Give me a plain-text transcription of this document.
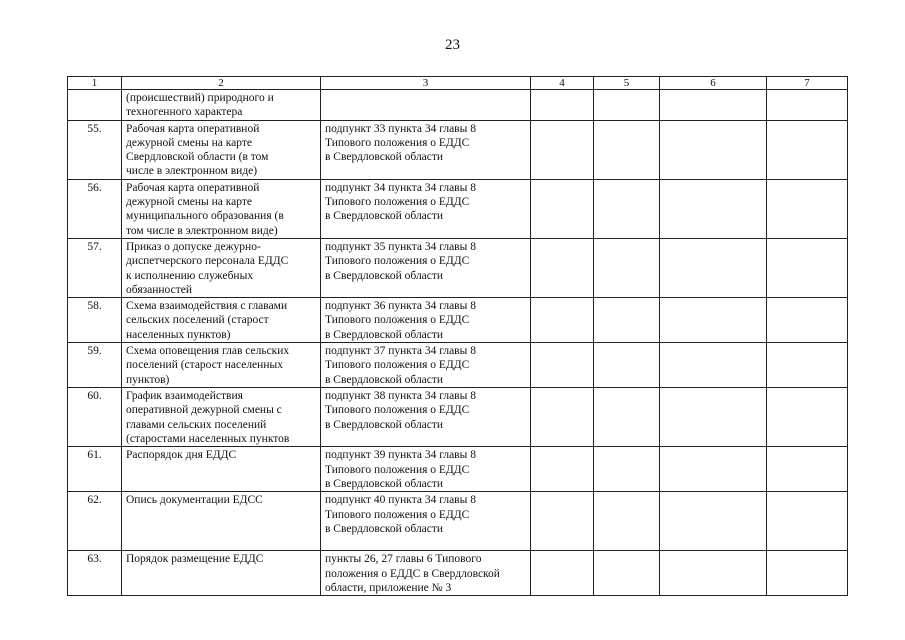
23
1	2	3	4	5	6	7
	(происшествий) природного и
техногенного характера					
55.	Рабочая карта оперативной
дежурной смены на карте
Свердловской области (в том
числе в электронном виде)	подпункт 33 пункта 34 главы 8
Типового положения о ЕДДС
в Свердловской области				
56.	Рабочая карта оперативной
дежурной смены на карте
муниципального образования (в
том числе в электронном виде)	подпункт 34 пункта 34 главы 8
Типового положения о ЕДДС
в Свердловской области				
57.	Приказ о допуске дежурно-
диспетчерского персонала ЕДДС
к исполнению служебных
обязанностей	подпункт 35 пункта 34 главы 8
Типового положения о ЕДДС
в Свердловской области				
58.	Схема взаимодействия с главами
сельских поселений (старост
населенных пунктов)	подпункт 36 пункта 34 главы 8
Типового положения о ЕДДС
в Свердловской области				
59.	Схема оповещения глав сельских
поселений (старост населенных
пунктов)	подпункт 37 пункта 34 главы 8
Типового положения о ЕДДС
в Свердловской области				
60.	График взаимодействия
оперативной дежурной смены с
главами сельских поселений
(старостами населенных пунктов	подпункт 38 пункта 34 главы 8
Типового положения о ЕДДС
в Свердловской области				
61.	Распорядок дня ЕДДС	подпункт 39 пункта 34 главы 8
Типового положения о ЕДДС
в Свердловской области				
62.	Опись документации ЕДСС	подпункт 40 пункта 34 главы 8
Типового положения о ЕДДС
в Свердловской области				
63.	Порядок размещение ЕДДС	пункты 26, 27 главы 6 Типового
положения о ЕДДС в Свердловской
области, приложение № 3				
